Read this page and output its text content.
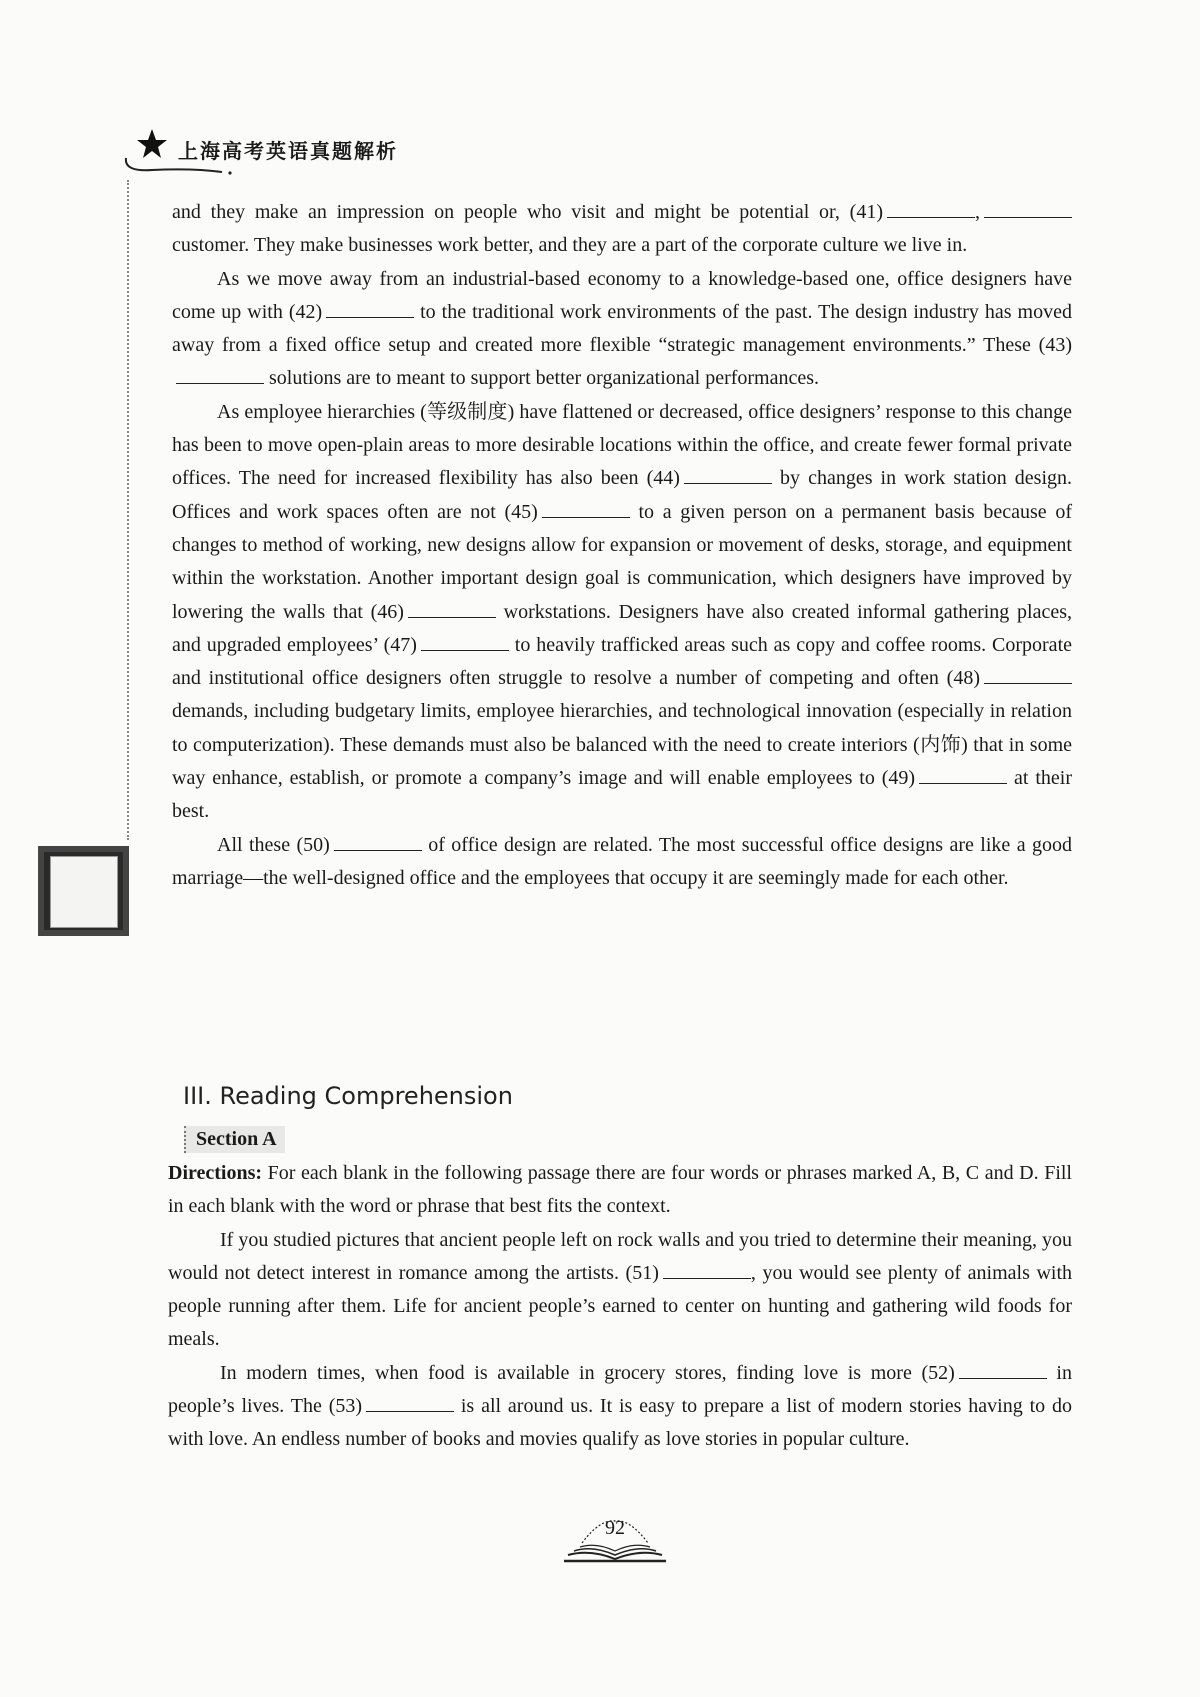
上海高考英语真题解析

and they make an impression on people who visit and might be potential or, (41)	, customer. They make businesses work better, and they are a part of the corporate culture we live in.

As we move away from an industrial-based economy to a knowledge-based one, office designers have come up with (42)	to the traditional work environments of the past. The design industry has moved away from a fixed office setup and created more flexible “strategic management environments.” These (43) solutions are to meant to support better organizational performances.

As employee hierarchies (等级制度) have flattened or decreased, office designers’ response to this change has been to move open-plain areas to more desirable locations within the office, and create fewer formal private offices. The need for increased flexibility has also been (44)	by changes in work station design. Offices and work spaces often are not (45)	to a given person on a permanent basis because of changes to method of working, new designs allow for expansion or movement of desks, storage, and equipment within the workstation. Another important design goal is communication, which designers have improved by lowering the walls that (46)	workstations. Designers have also created informal gathering places, and upgraded employees’ (47)	to heavily trafficked areas such as copy and coffee rooms. Corporate and institutional office designers often struggle to resolve a number of competing and often (48) demands, including budgetary limits, employee hierarchies, and technological innovation (especially in relation to computerization). These demands must also be balanced with the need to create interiors (内饰) that in some way enhance, establish, or promote a company’s image and will enable employees to (49)	at their best.

All these (50)	of office design are related. The most successful office designs are like a good marriage—the well-designed office and the employees that occupy it are seemingly made for each other.

III. Reading Comprehension
Section A

Directions: For each blank in the following passage there are four words or phrases marked A, B, C and D. Fill in each blank with the word or phrase that best fits the context.

If you studied pictures that ancient people left on rock walls and you tried to determine their meaning, you would not detect interest in romance among the artists. (51)	, you would see plenty of animals with people running after them. Life for ancient people’s earned to center on hunting and gathering wild foods for meals.

In modern times, when food is available in grocery stores, finding love is more (52)	in people’s lives. The (53)	is all around us. It is easy to prepare a list of modern stories having to do with love. An endless number of books and movies qualify as love stories in popular culture.

92
